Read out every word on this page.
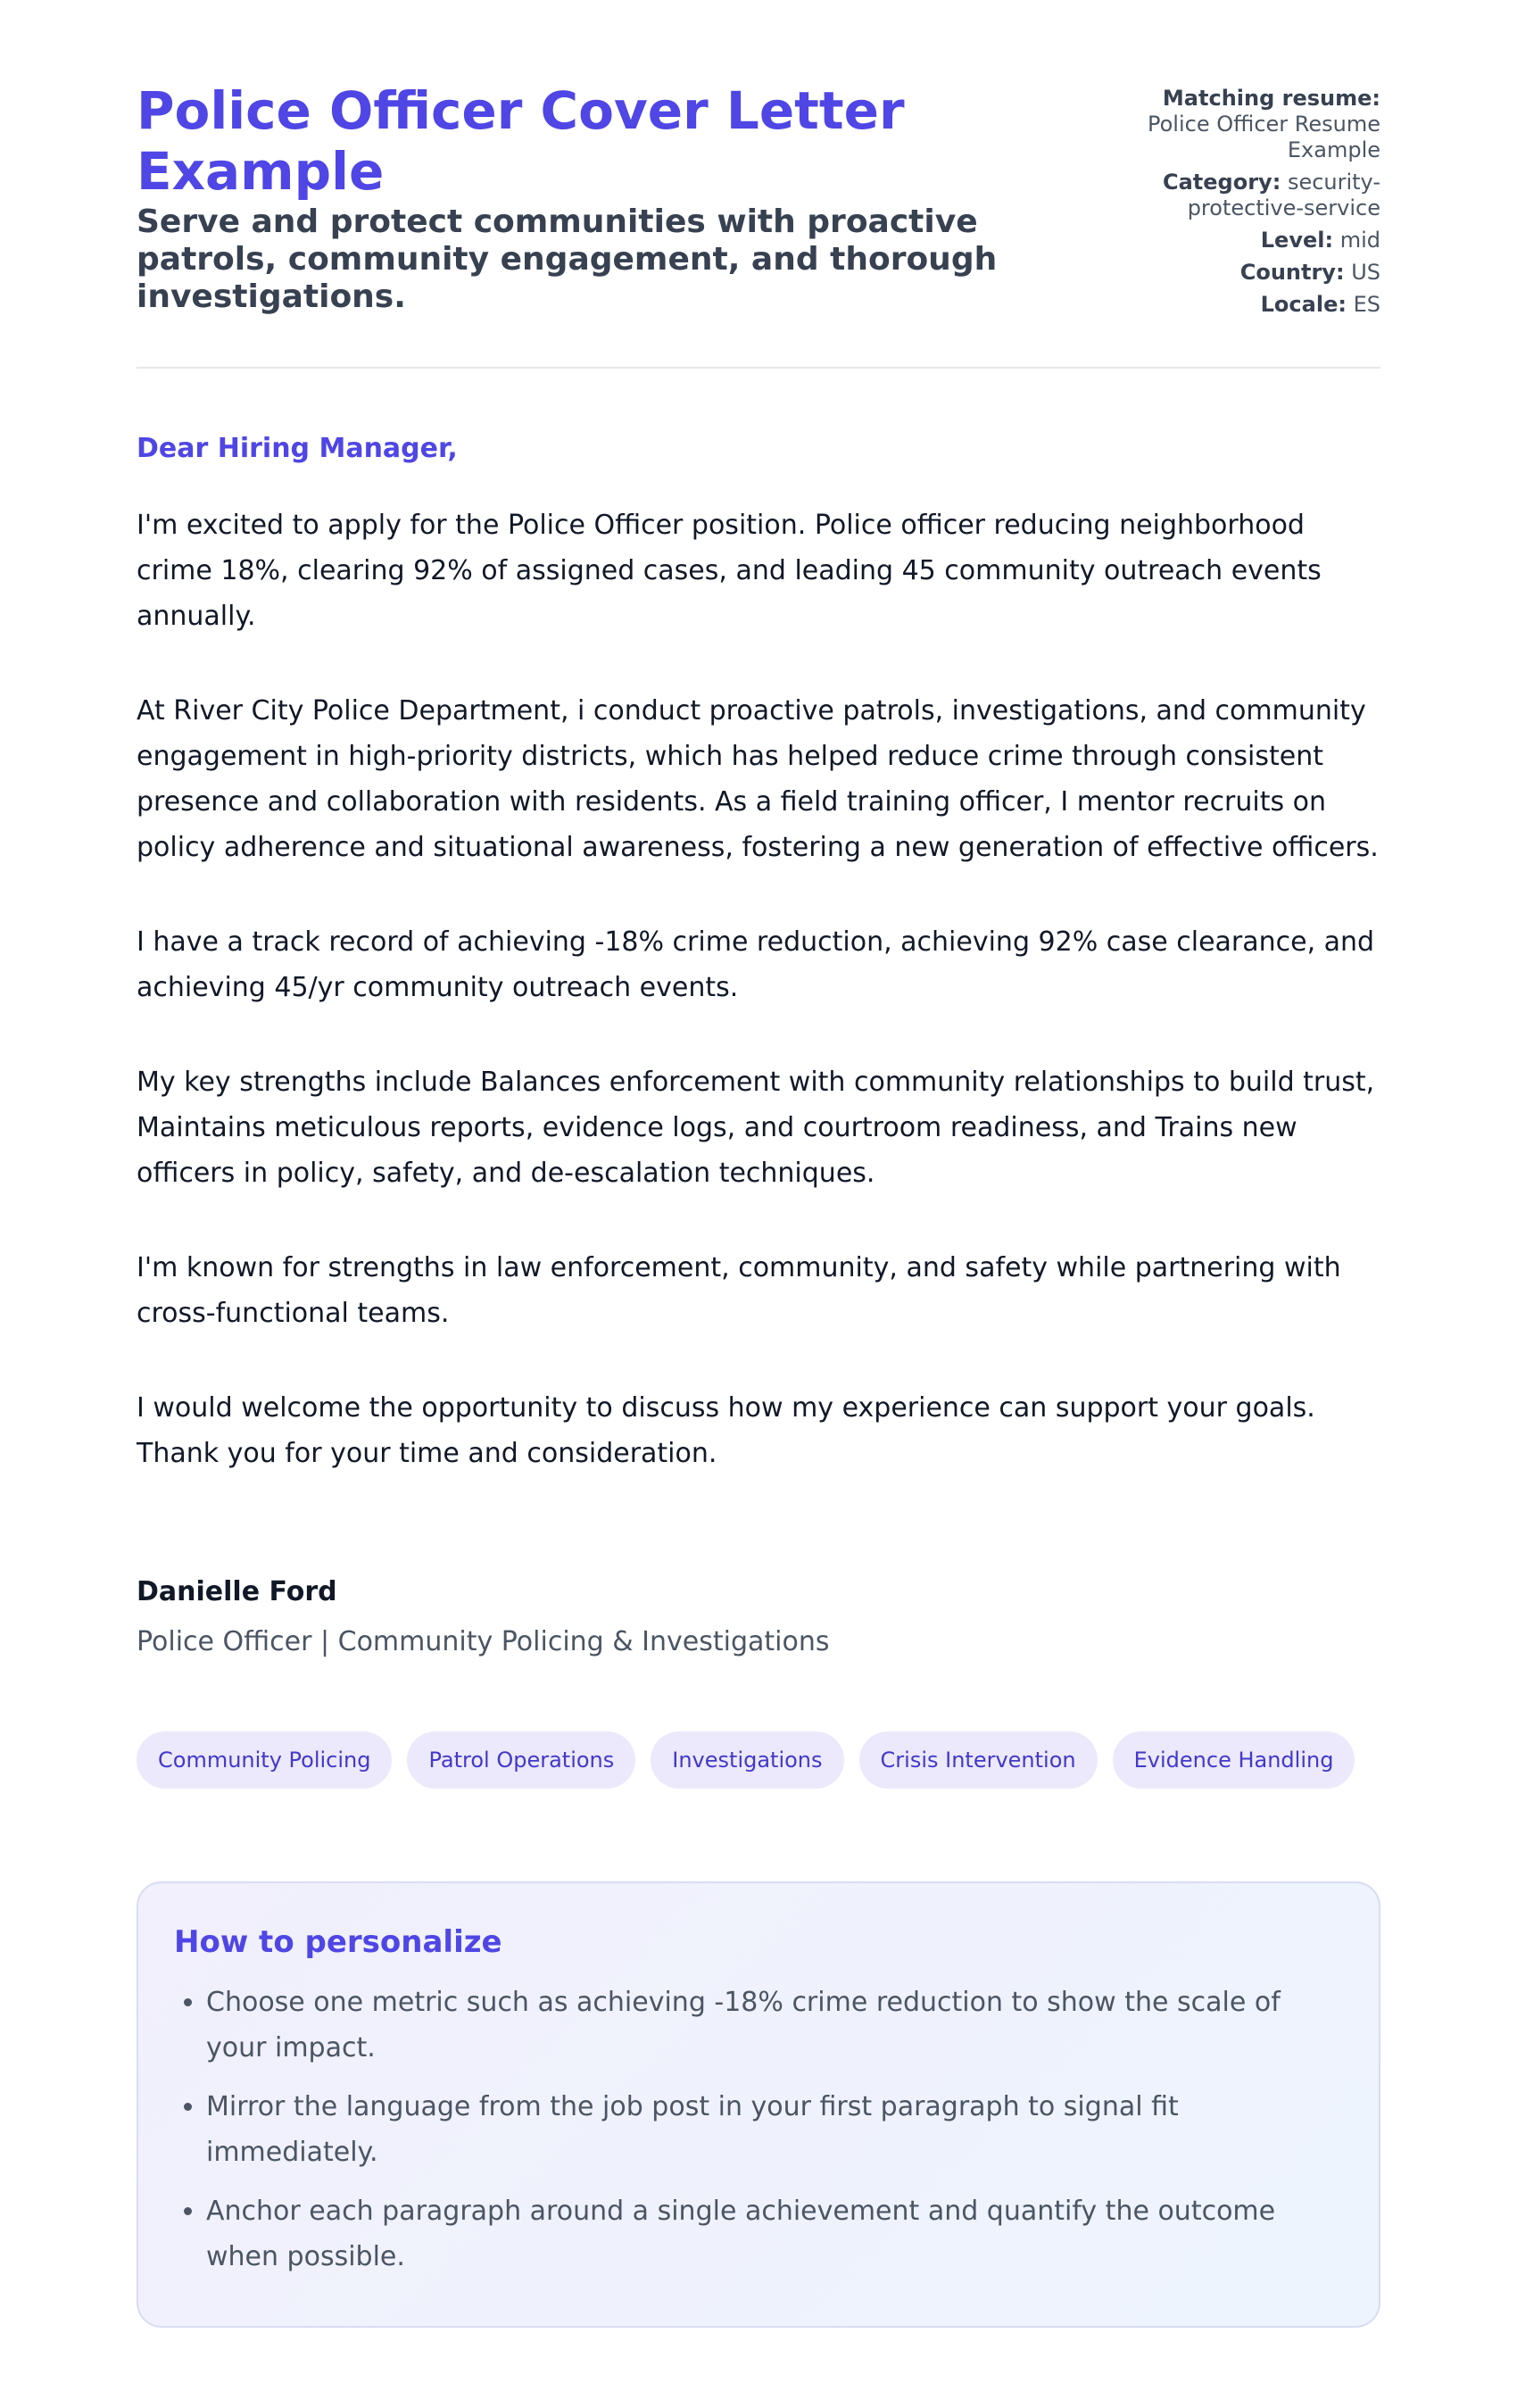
Police Officer Cover Letter Example
Serve and protect communities with proactive patrols, community engagement, and thorough investigations.
Matching resume:
Police Officer Resume Example
Category: security-protective-service
Level: mid
Country: US
Locale: ES

Dear Hiring Manager,

I'm excited to apply for the Police Officer position. Police officer reducing neighborhood crime 18%, clearing 92% of assigned cases, and leading 45 community outreach events annually.

At River City Police Department, i conduct proactive patrols, investigations, and community engagement in high-priority districts, which has helped reduce crime through consistent presence and collaboration with residents. As a field training officer, I mentor recruits on policy adherence and situational awareness, fostering a new generation of effective officers.

I have a track record of achieving -18% crime reduction, achieving 92% case clearance, and achieving 45/yr community outreach events.

My key strengths include Balances enforcement with community relationships to build trust, Maintains meticulous reports, evidence logs, and courtroom readiness, and Trains new officers in policy, safety, and de-escalation techniques.

I'm known for strengths in law enforcement, community, and safety while partnering with cross-functional teams.

I would welcome the opportunity to discuss how my experience can support your goals. Thank you for your time and consideration.

Danielle Ford

Police Officer | Community Policing & Investigations

Community Policing	Patrol Operations	Investigations	Crisis Intervention	Evidence Handling
How to personalize
• Choose one metric such as achieving -18% crime reduction to show the scale of your impact.
• Mirror the language from the job post in your first paragraph to signal fit immediately.
• Anchor each paragraph around a single achievement and quantify the outcome when possible.
